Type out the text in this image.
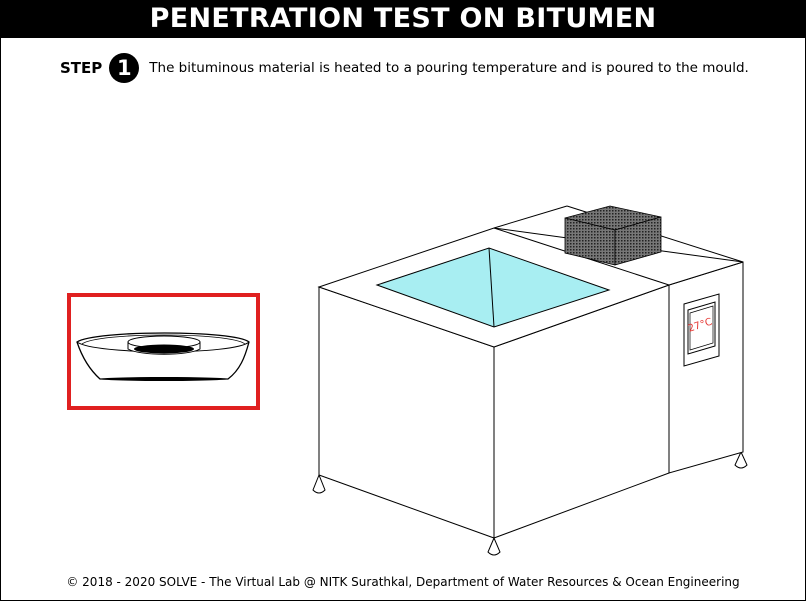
PENETRATION TEST ON BITUMEN
STEP 1	The bituminous material is heated to a pouring temperature and is poured to the mould.
27°C
© 2018 - 2020 SOLVE - The Virtual Lab @ NITK Surathkal, Department of Water Resources & Ocean Engineering
